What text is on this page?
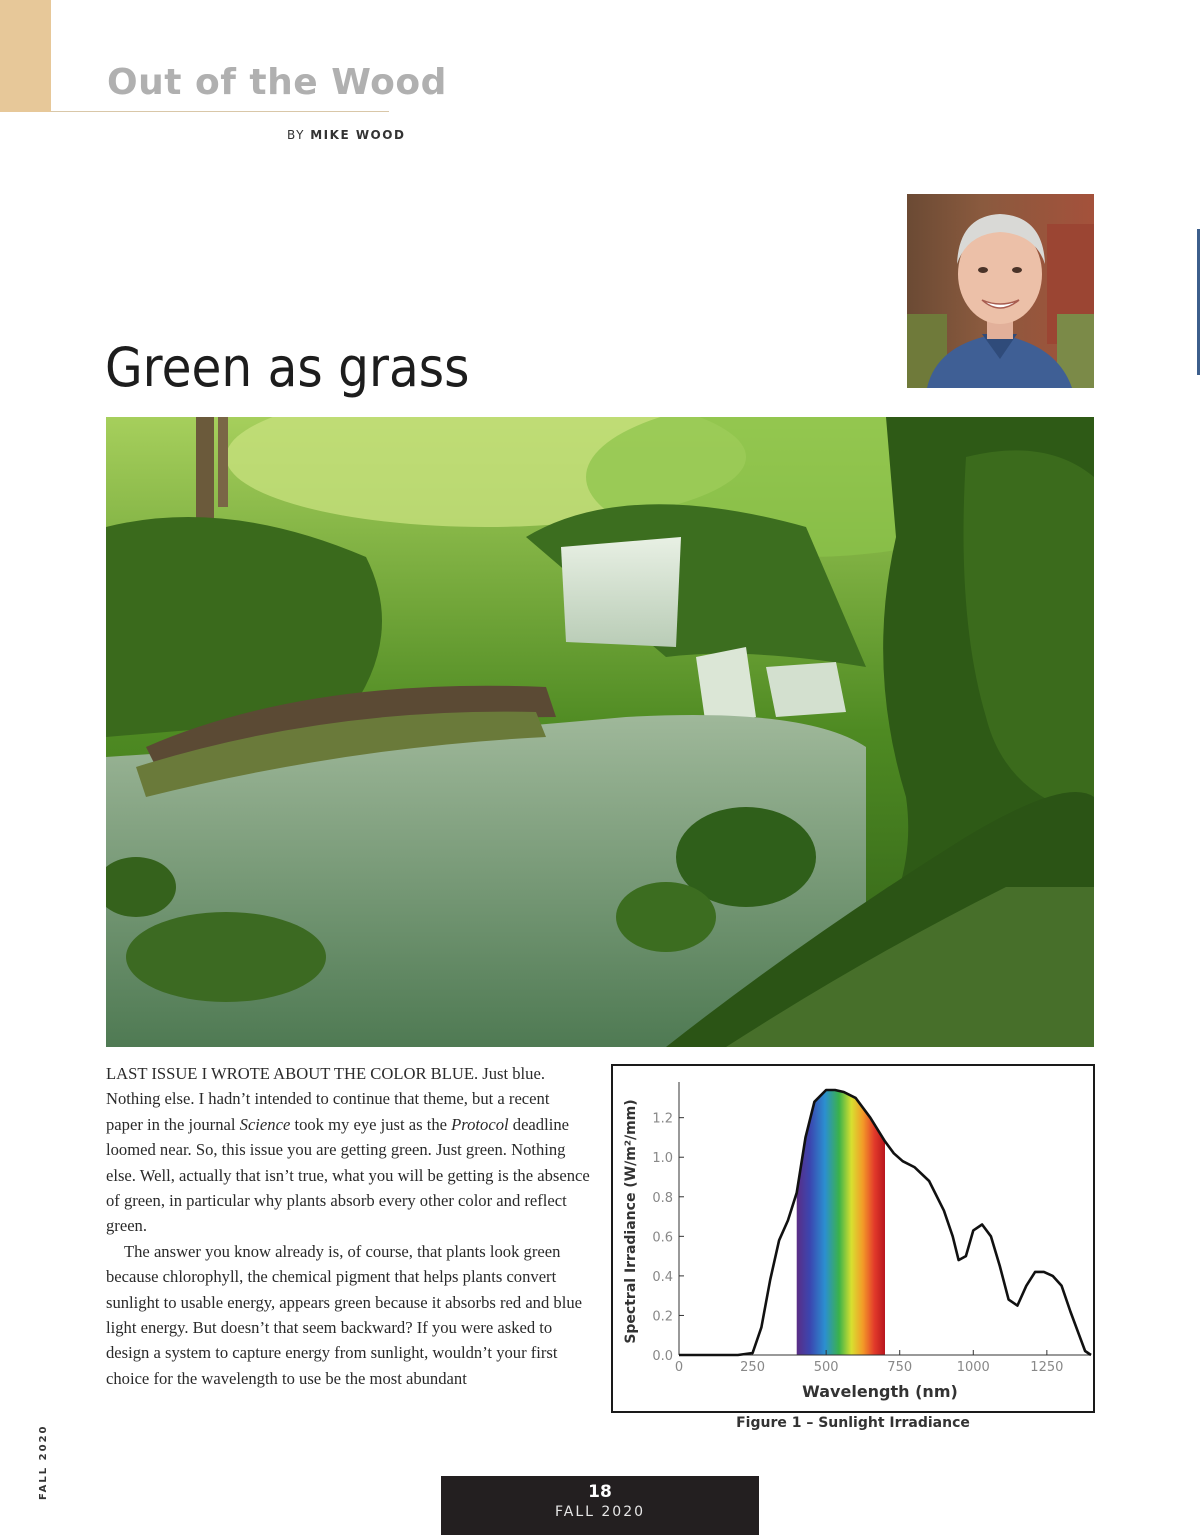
Out of the Wood
BY MIKE WOOD
Green as grass

LAST ISSUE I WROTE ABOUT THE COLOR BLUE. Just blue. Nothing else. I hadn’t intended to continue that theme, but a recent paper in the journal Science took my eye just as the Protocol deadline loomed near. So, this issue you are getting green. Just green. Nothing else. Well, actually that isn’t true, what you will be getting is the absence of green, in particular why plants absorb every other color and reflect green.

The answer you know already is, of course, that plants look green because chlorophyll, the chemical pigment that helps plants convert sunlight to usable energy, appears green because it absorbs red and blue light energy. But doesn’t that seem backward? If you were asked to design a system to capture energy from sunlight, wouldn’t your first choice for the wavelength to use be the most abundant

0.0
0.2
0.4
0.6
0.8
1.0
1.2
0	250	500	750	1000	1250
Wavelength (nm)
Spectral Irradiance (W/m²/mm)
Figure 1 – Sunlight Irradiance
FALL 2020	18
FALL 2020
